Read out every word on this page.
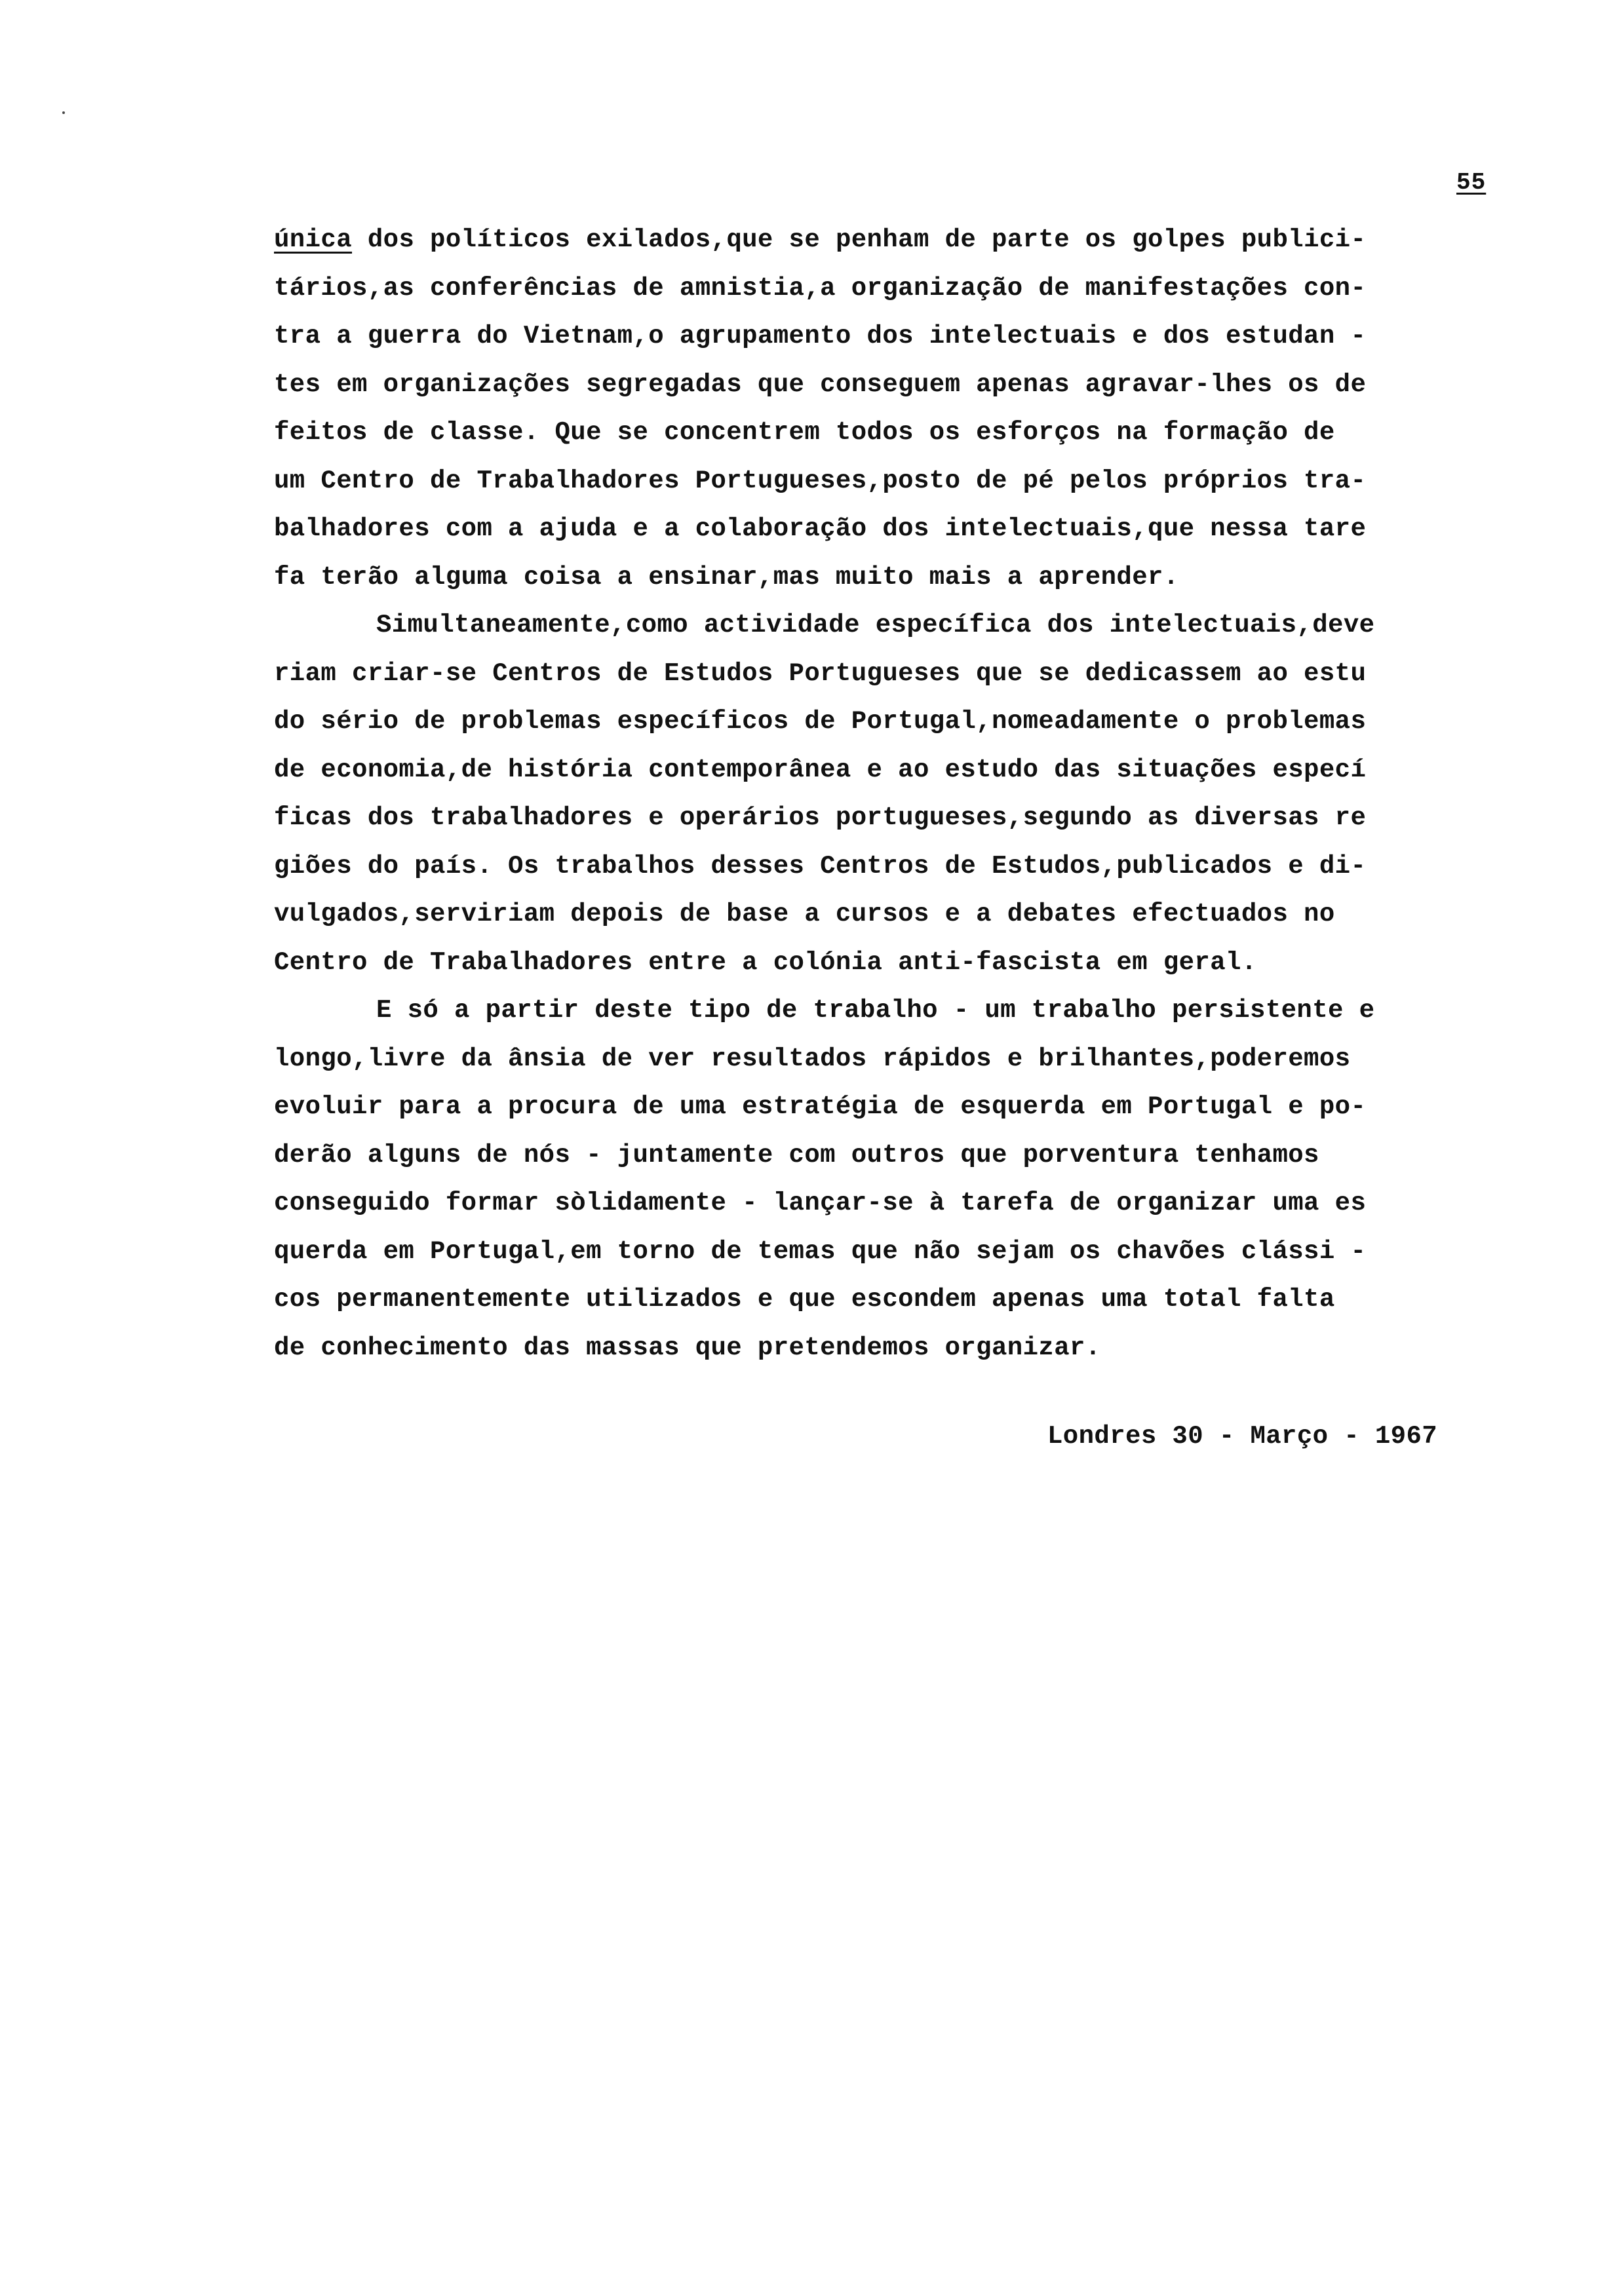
55
única dos políticos exilados,que se penham de parte os golpes publici-
tários,as conferências de amnistia,a organização de manifestações con-
tra a guerra do Vietnam,o agrupamento dos intelectuais e dos estudan -
tes em organizações segregadas que conseguem apenas agravar-lhes os de
feitos de classe. Que se concentrem todos os esforços na formação de
um Centro de Trabalhadores Portugueses,posto de pé pelos próprios tra-
balhadores com a ajuda e a colaboração dos intelectuais,que nessa tare
fa terão alguma coisa a ensinar,mas muito mais a aprender.
Simultaneamente,como actividade específica dos intelectuais,deve
riam criar-se Centros de Estudos Portugueses que se dedicassem ao estu
do sério de problemas específicos de Portugal,nomeadamente o problemas
de economia,de história contemporânea e ao estudo das situações especí
ficas dos trabalhadores e operários portugueses,segundo as diversas re
giões do país. Os trabalhos desses Centros de Estudos,publicados e di-
vulgados,serviriam depois de base a cursos e a debates efectuados no
Centro de Trabalhadores entre a colónia anti-fascista em geral.
E só a partir deste tipo de trabalho - um trabalho persistente e
longo,livre da ânsia de ver resultados rápidos e brilhantes,poderemos
evoluir para a procura de uma estratégia de esquerda em Portugal e po-
derão alguns de nós - juntamente com outros que porventura tenhamos
conseguido formar sòlidamente - lançar-se à tarefa de organizar uma es
querda em Portugal,em torno de temas que não sejam os chavões clássi -
cos permanentemente utilizados e que escondem apenas uma total falta
de conhecimento das massas que pretendemos organizar.
Londres 30 - Março - 1967
